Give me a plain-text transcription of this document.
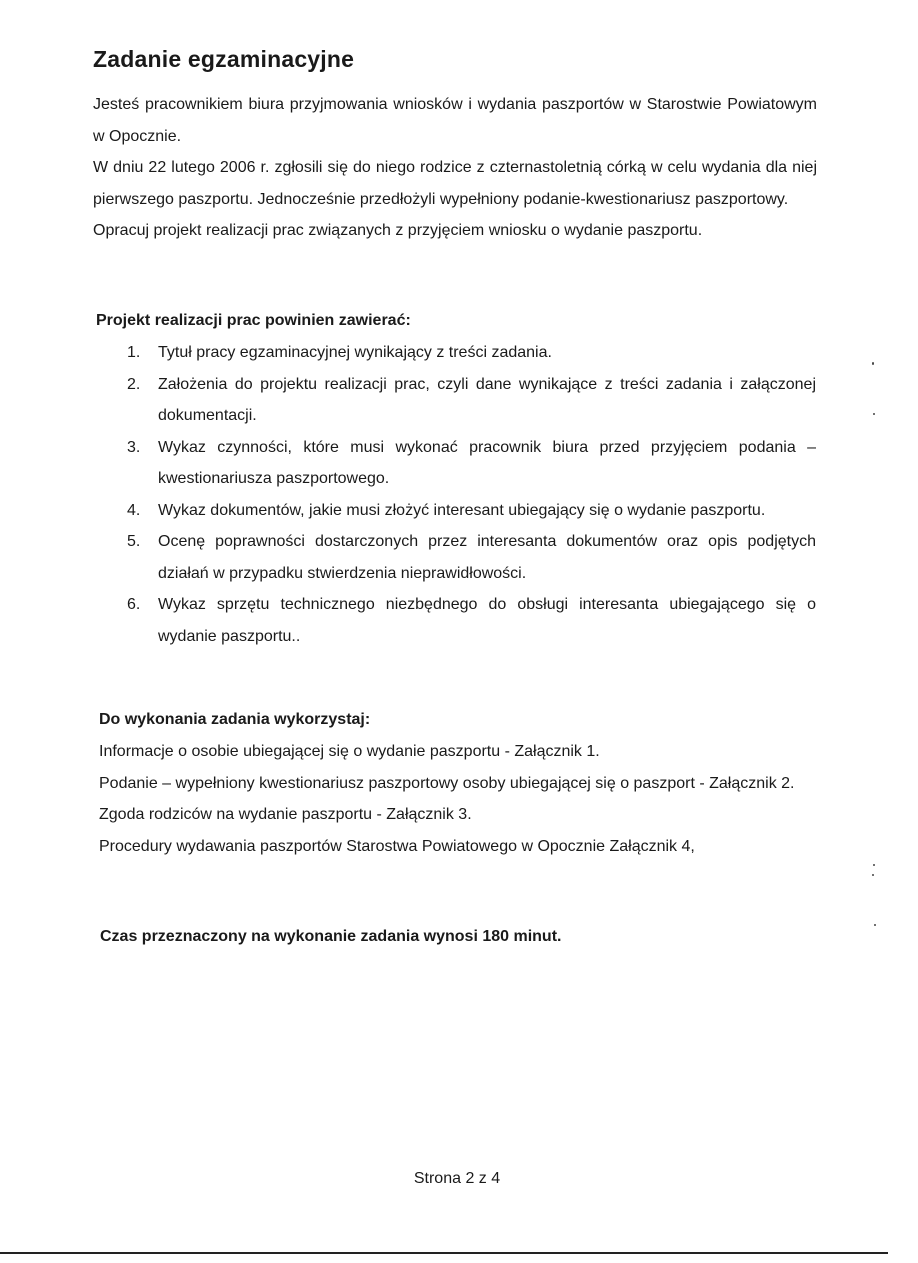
Zadanie egzaminacyjne

Jesteś pracownikiem biura przyjmowania wniosków i wydania paszportów w Starostwie Powiatowym w Opocznie.

W dniu 22 lutego 2006 r. zgłosili się do niego rodzice z czternastoletnią córką w celu wydania dla niej pierwszego paszportu. Jednocześnie przedłożyli wypełniony podanie-kwestionariusz paszportowy.

Opracuj projekt realizacji prac związanych z przyjęciem wniosku o wydanie paszportu.

Projekt realizacji prac powinien zawierać:

1.	Tytuł pracy egzaminacyjnej wynikający z treści zadania.
2.	Założenia do projektu realizacji prac, czyli dane wynikające z treści zadania i załączonej dokumentacji.
3.	Wykaz czynności, które musi wykonać pracownik biura przed przyjęciem podania – kwestionariusza paszportowego.
4.	Wykaz dokumentów, jakie musi złożyć interesant ubiegający się o wydanie paszportu.
5.	Ocenę poprawności dostarczonych przez interesanta dokumentów oraz opis podjętych działań w przypadku stwierdzenia nieprawidłowości.
6.	Wykaz sprzętu technicznego niezbędnego do obsługi interesanta ubiegającego się o wydanie paszportu..

Do wykonania zadania wykorzystaj:

Informacje o osobie ubiegającej się o wydanie paszportu - Załącznik 1.

Podanie – wypełniony kwestionariusz paszportowy osoby ubiegającej się o paszport - Załącznik 2.

Zgoda rodziców na wydanie paszportu - Załącznik 3.

Procedury wydawania paszportów Starostwa Powiatowego w Opocznie Załącznik 4,

Czas przeznaczony na wykonanie zadania wynosi 180 minut.

Strona 2 z 4
